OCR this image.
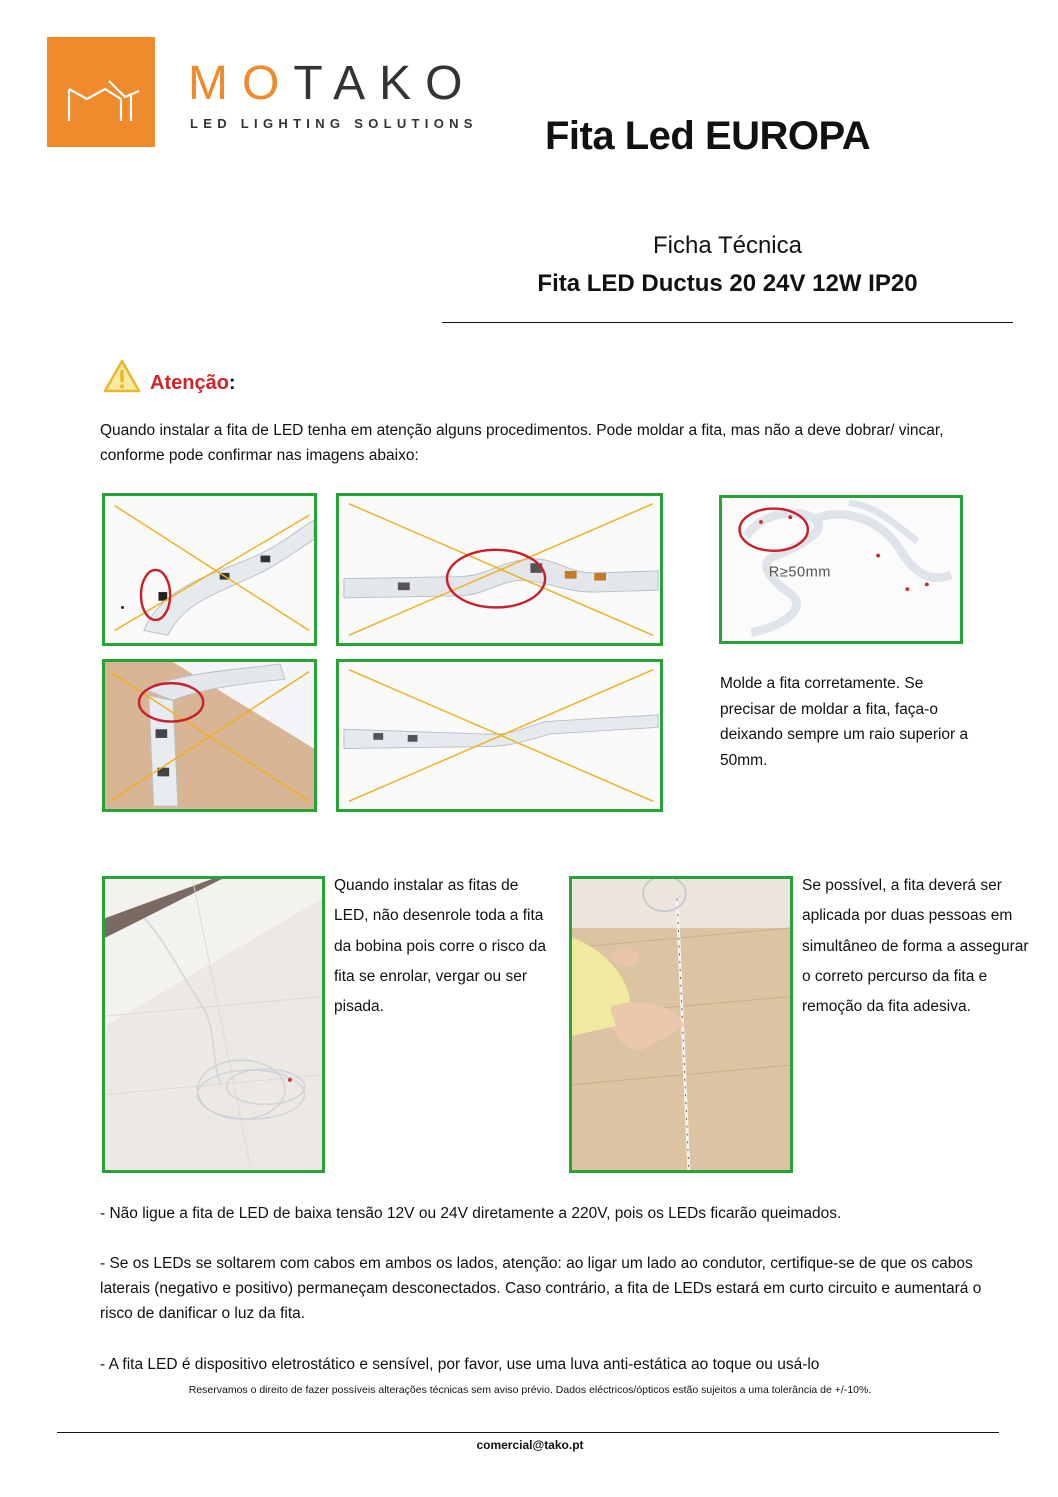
MOTAKO
LED LIGHTING SOLUTIONS Fita Led EUROPA
Ficha Técnica
Fita LED Ductus 20 24V 12W IP20
Atenção:
Quando instalar a fita de LED tenha em atenção alguns procedimentos. Pode moldar a fita, mas não a deve dobrar/ vincar, conforme pode confirmar nas imagens abaixo:
R≥50mm
Molde a fita corretamente. Se precisar de moldar a fita, faça-o deixando sempre um raio superior a 50mm.
Quando instalar as fitas de LED, não desenrole toda a fita da bobina pois corre o risco da fita se enrolar, vergar ou ser pisada.
Se possível, a fita deverá ser aplicada por duas pessoas em simultâneo de forma a assegurar o correto percurso da fita e remoção da fita adesiva.
- Não ligue a fita de LED de baixa tensão 12V ou 24V diretamente a 220V, pois os LEDs ficarão queimados.
- Se os LEDs se soltarem com cabos em ambos os lados, atenção: ao ligar um lado ao condutor, certifique-se de que os cabos laterais (negativo e positivo) permaneçam desconectados. Caso contrário, a fita de LEDs estará em curto circuito e aumentará o risco de danificar o luz da fita.
- A fita LED é dispositivo eletrostático e sensível, por favor, use uma luva anti-estática ao toque ou usá-lo
Reservamos o direito de fazer possíveis alterações técnicas sem aviso prévio. Dados eléctricos/ópticos estão sujeitos a uma tolerância de +/-10%.
comercial@tako.pt
